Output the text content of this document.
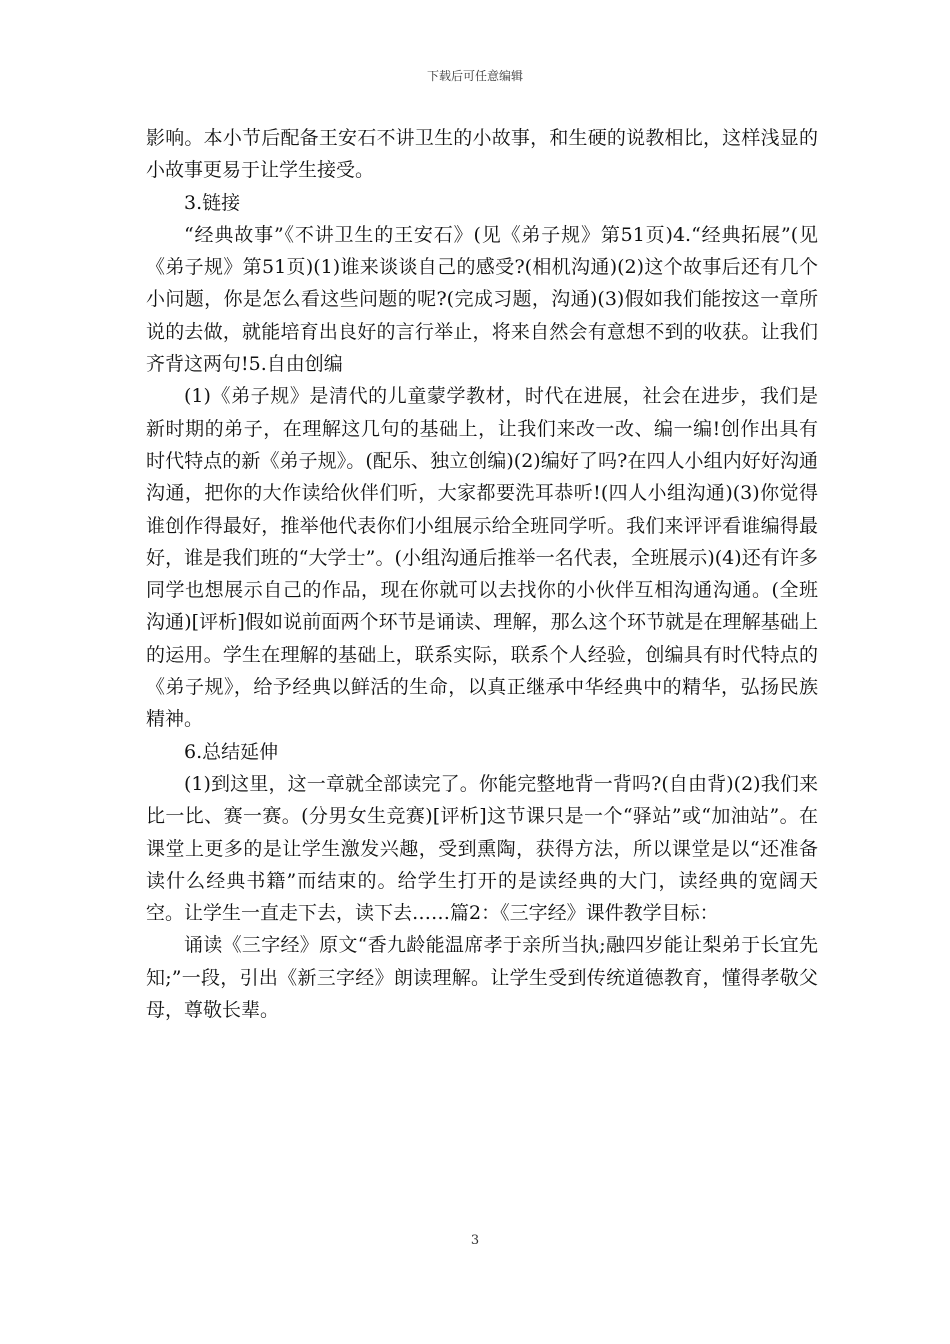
下载后可任意编辑

影响。本小节后配备王安石不讲卫生的小故事，和生硬的说教相比，这样浅显的小故事更易于让学生接受。

3.链接

“经典故事”《不讲卫生的王安石》(见《弟子规》第51页)4.“经典拓展”(见《弟子规》第51页)(1)谁来谈谈自己的感受?(相机沟通)(2)这个故事后还有几个小问题，你是怎么看这些问题的呢?(完成习题，沟通)(3)假如我们能按这一章所说的去做，就能培育出良好的言行举止，将来自然会有意想不到的收获。让我们齐背这两句!5.自由创编

(1)《弟子规》是清代的儿童蒙学教材，时代在进展，社会在进步，我们是新时期的弟子，在理解这几句的基础上，让我们来改一改、编一编!创作出具有时代特点的新《弟子规》。(配乐、独立创编)(2)编好了吗?在四人小组内好好沟通沟通，把你的大作读给伙伴们听，大家都要洗耳恭听!(四人小组沟通)(3)你觉得谁创作得最好，推举他代表你们小组展示给全班同学听。我们来评评看谁编得最好，谁是我们班的“大学士”。(小组沟通后推举一名代表，全班展示)(4)还有许多同学也想展示自己的作品，现在你就可以去找你的小伙伴互相沟通沟通。(全班沟通)[评析]假如说前面两个环节是诵读、理解，那么这个环节就是在理解基础上的运用。学生在理解的基础上，联系实际，联系个人经验，创编具有时代特点的《弟子规》，给予经典以鲜活的生命，以真正继承中华经典中的精华，弘扬民族精神。

6.总结延伸

(1)到这里，这一章就全部读完了。你能完整地背一背吗?(自由背)(2)我们来比一比、赛一赛。(分男女生竞赛)[评析]这节课只是一个“驿站”或“加油站”。在课堂上更多的是让学生激发兴趣，受到熏陶，获得方法，所以课堂是以“还准备读什么经典书籍”而结束的。给学生打开的是读经典的大门，读经典的宽阔天空。让学生一直走下去，读下去……篇2：《三字经》课件教学目标：

诵读《三字经》原文“香九龄能温席孝于亲所当执;融四岁能让梨弟于长宜先知;”一段，引出《新三字经》朗读理解。让学生受到传统道德教育，懂得孝敬父母，尊敬长辈。

3
